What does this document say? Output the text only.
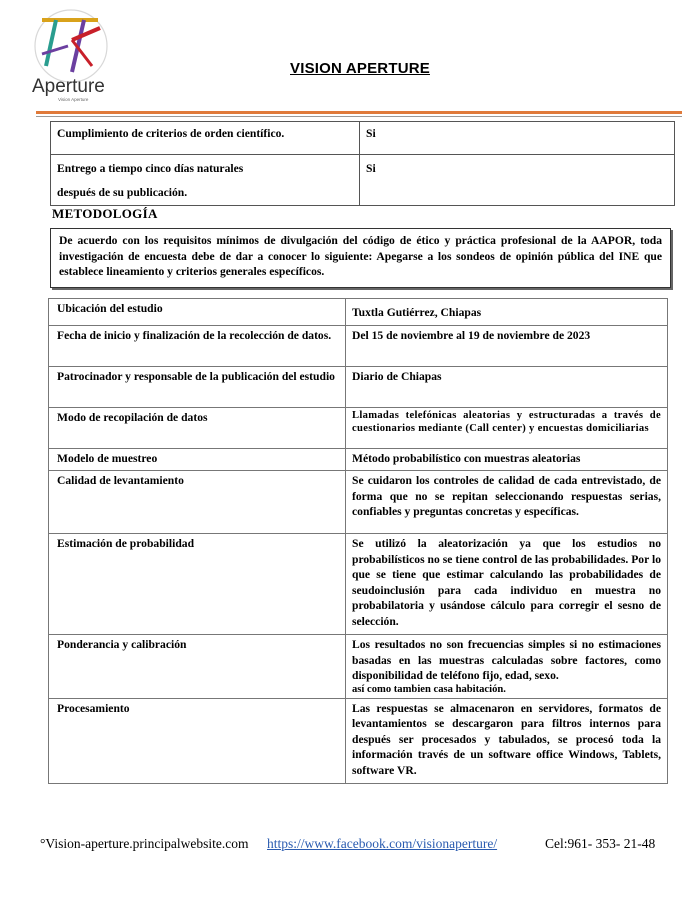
Aperture
Vision Aperture
VISION APERTURE
Cumplimiento de criterios de orden científico.	Si
Entrego a tiempo cinco días naturales
después de su publicación.	Si
METODOLOGÍA
De acuerdo con los requisitos mínimos de divulgación del código de ético y práctica profesional de la AAPOR, toda investigación de encuesta debe de dar a conocer lo siguiente: Apegarse a los sondeos de opinión pública del INE que establece lineamiento y criterios generales específicos.
Ubicación del estudio	Tuxtla Gutiérrez, Chiapas
Fecha de inicio y finalización de la recolección de datos.	Del 15 de noviembre al 19 de noviembre de 2023
Patrocinador y responsable de la publicación del estudio	Diario de Chiapas
Modo de recopilación de datos	Llamadas telefónicas aleatorias y estructuradas a través de cuestionarios mediante (Call center) y encuestas domiciliarias
Modelo de muestreo	Método probabilístico con muestras aleatorias
Calidad de levantamiento	Se cuidaron los controles de calidad de cada entrevistado, de forma que no se repitan seleccionando respuestas serias, confiables y preguntas concretas y específicas.
Estimación de probabilidad	Se utilizó la aleatorización ya que los estudios no probabilísticos no se tiene control de las probabilidades. Por lo que se tiene que estimar calculando las probabilidades de seudoinclusión para cada individuo en muestra no probabilatoria y usándose cálculo para corregir el sesno de selección.
Ponderancia y calibración	Los resultados no son frecuencias simples si no estimaciones basadas en las muestras calculadas sobre factores, como disponibilidad de teléfono fijo, edad, sexo.
así como tambien casa habitación.

Procesamiento	Las respuestas se almacenaron en servidores, formatos de levantamientos se descargaron para filtros internos para después ser procesados y tabulados, se procesó toda la información través de un software office Windows, Tablets, software VR.
°Vision-aperture.principalwebsite.com https://www.facebook.com/visionaperture/	Cel:961- 353- 21-48
